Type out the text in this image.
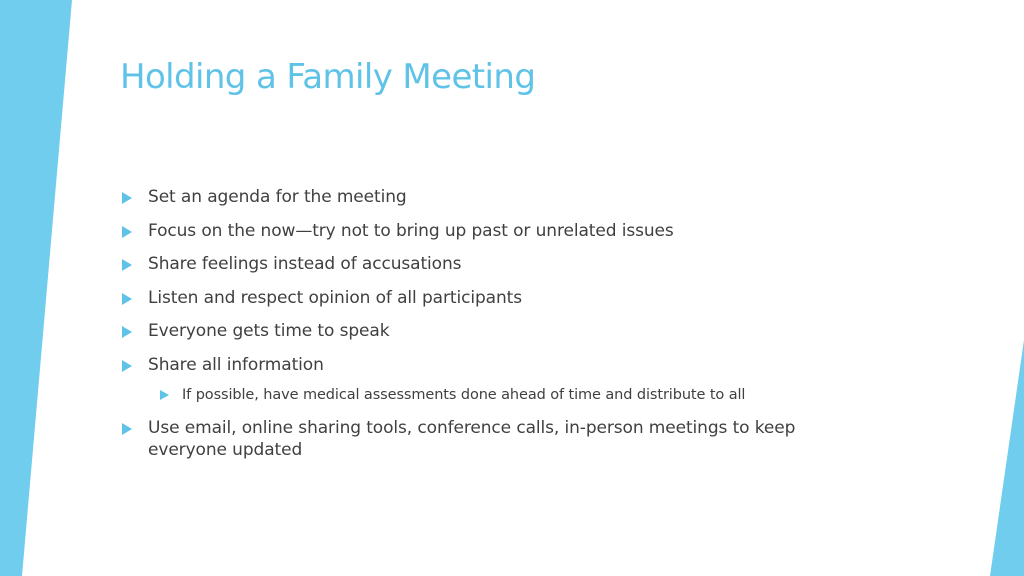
Holding a Family Meeting
Set an agenda for the meeting
Focus on the now—try not to bring up past or unrelated issues
Share feelings instead of accusations
Listen and respect opinion of all participants
Everyone gets time to speak
Share all information
If possible, have medical assessments done ahead of time and distribute to all
Use email, online sharing tools, conference calls, in-person meetings to keep everyone updated
